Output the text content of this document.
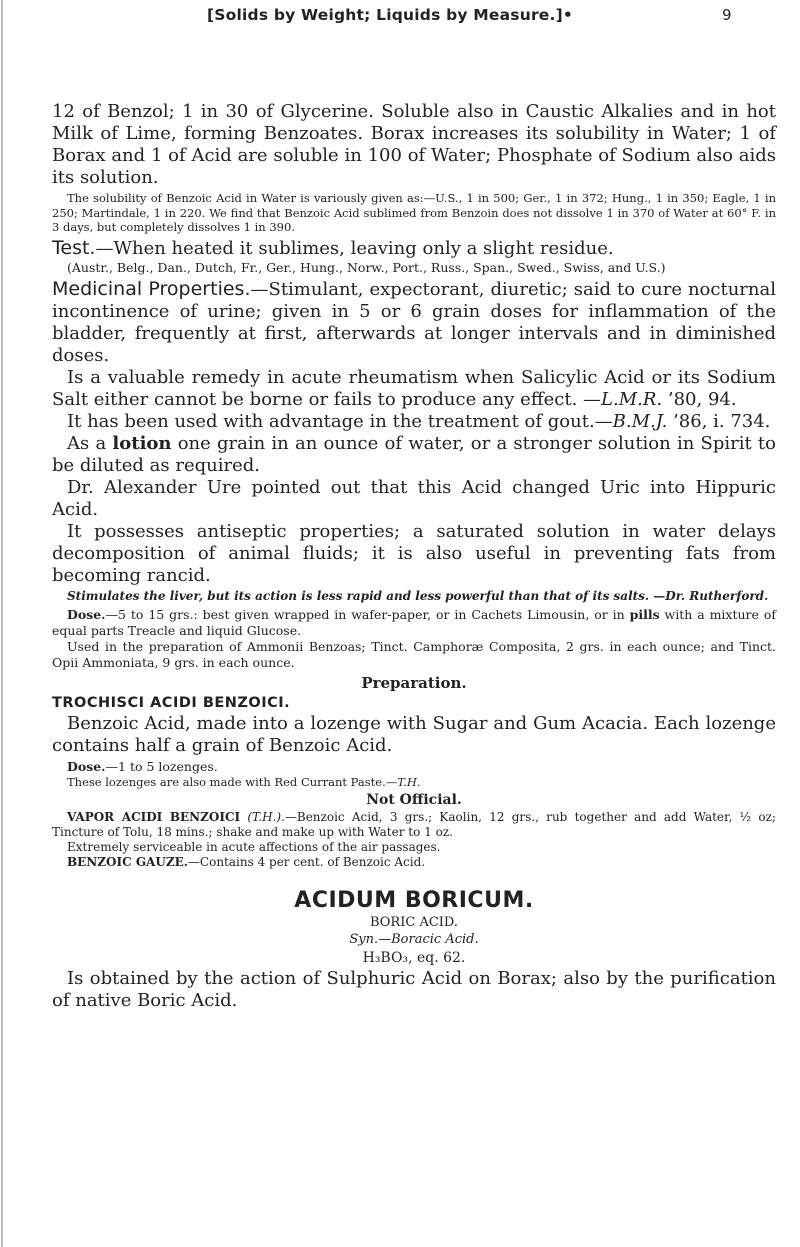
[Solids by Weight; Liquids by Measure.]•	9

12 of Benzol; 1 in 30 of Glycerine. Soluble also in Caustic Alkalies and in hot Milk of Lime, forming Benzoates. Borax increases its solubility in Water; 1 of Borax and 1 of Acid are soluble in 100 of Water; Phosphate of Sodium also aids its solution.

The solubility of Benzoic Acid in Water is variously given as:—U.S., 1 in 500; Ger., 1 in 372; Hung., 1 in 350; Eagle, 1 in 250; Martindale, 1 in 220. We find that Benzoic Acid sublimed from Benzoin does not dissolve 1 in 370 of Water at 60° F. in 3 days, but completely dissolves 1 in 390.

Test.—When heated it sublimes, leaving only a slight residue.

(Austr., Belg., Dan., Dutch, Fr., Ger., Hung., Norw., Port., Russ., Span., Swed., Swiss, and U.S.)

Medicinal Properties.—Stimulant, expectorant, diuretic; said to cure nocturnal incontinence of urine; given in 5 or 6 grain doses for inflammation of the bladder, frequently at first, afterwards at longer intervals and in diminished doses.

Is a valuable remedy in acute rheumatism when Salicylic Acid or its Sodium Salt either cannot be borne or fails to produce any effect. —L.M.R. ’80, 94.

It has been used with advantage in the treatment of gout.—B.M.J. ’86, i. 734.

As a lotion one grain in an ounce of water, or a stronger solution in Spirit to be diluted as required.

Dr. Alexander Ure pointed out that this Acid changed Uric into Hippuric Acid.

It possesses antiseptic properties; a saturated solution in water delays decomposition of animal fluids; it is also useful in preventing fats from becoming rancid.

Stimulates the liver, but its action is less rapid and less powerful than that of its salts. —Dr. Rutherford.

Dose.—5 to 15 grs.: best given wrapped in wafer-paper, or in Cachets Limousin, or in pills with a mixture of equal parts Treacle and liquid Glucose.

Used in the preparation of Ammonii Benzoas; Tinct. Camphoræ Composita, 2 grs. in each ounce; and Tinct. Opii Ammoniata, 9 grs. in each ounce.

Preparation.

TROCHISCI ACIDI BENZOICI.

Benzoic Acid, made into a lozenge with Sugar and Gum Acacia. Each lozenge contains half a grain of Benzoic Acid.

Dose.—1 to 5 lozenges.

These lozenges are also made with Red Currant Paste.—T.H.

Not Official.

VAPOR ACIDI BENZOICI (T.H.).—Benzoic Acid, 3 grs.; Kaolin, 12 grs., rub together and add Water, ½ oz; Tincture of Tolu, 18 mins.; shake and make up with Water to 1 oz.

Extremely serviceable in acute affections of the air passages.

BENZOIC GAUZE.—Contains 4 per cent. of Benzoic Acid.

ACIDUM BORICUM.

BORIC ACID.

Syn.—Boracic Acid.

H₃BO₃, eq. 62.

Is obtained by the action of Sulphuric Acid on Borax; also by the purification of native Boric Acid.
